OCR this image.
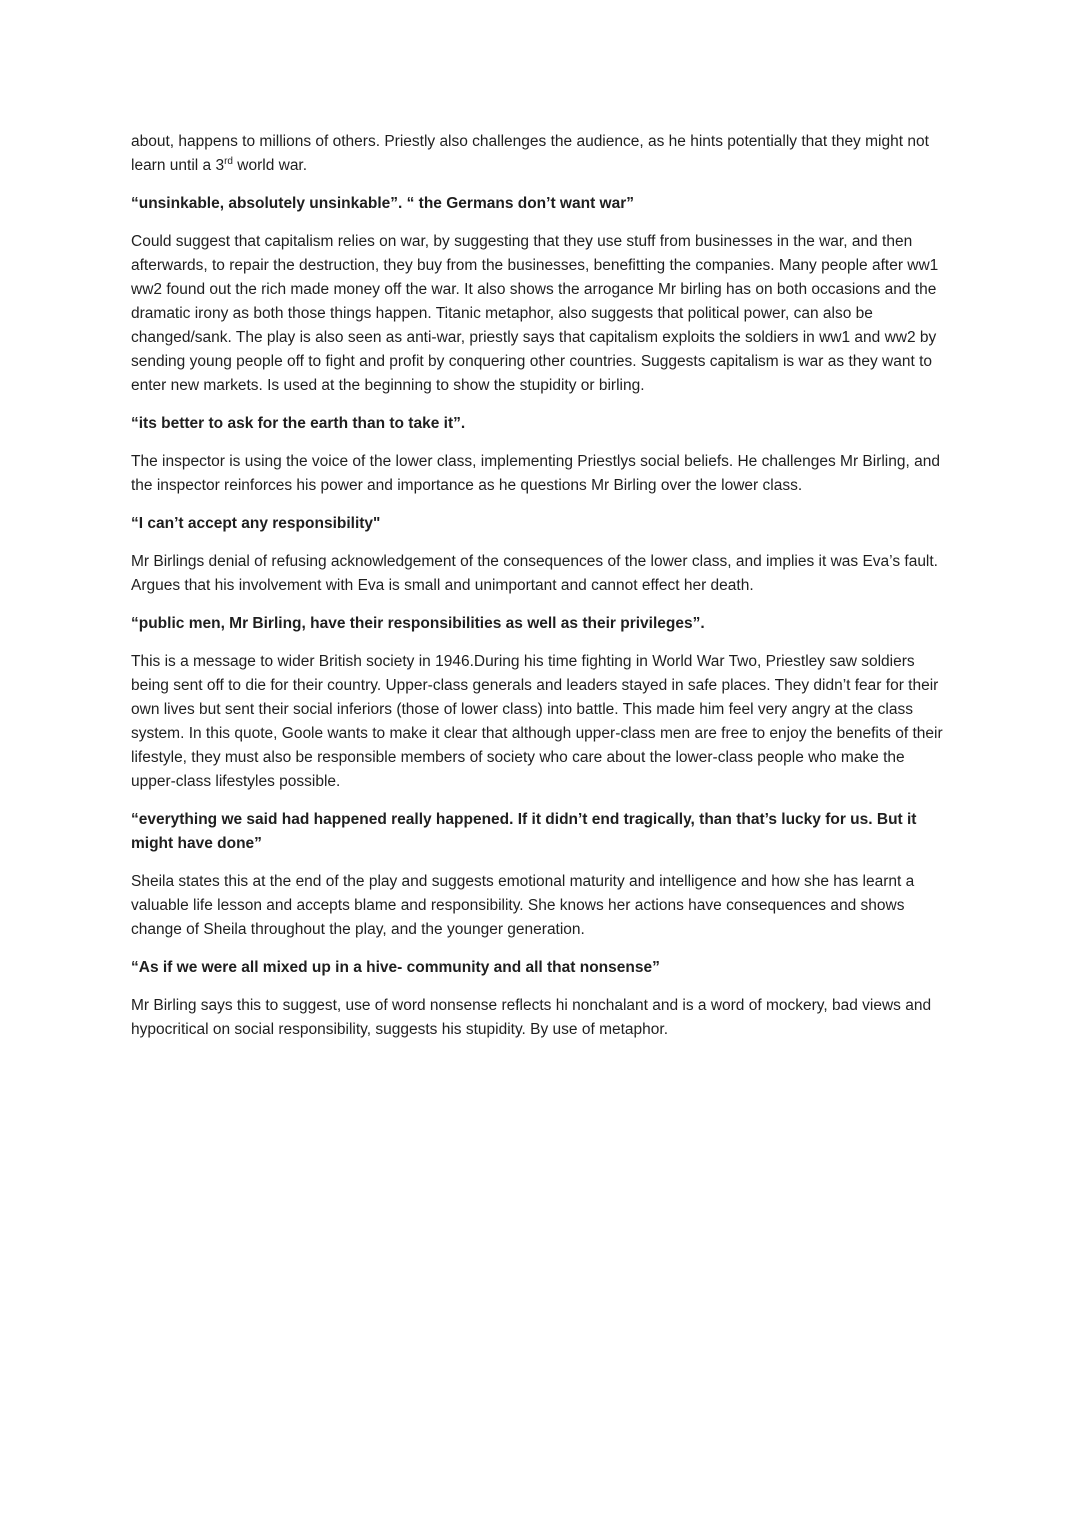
about, happens to millions of others. Priestly also challenges the audience, as he hints potentially that they might not learn until a 3rd world war.

“unsinkable, absolutely unsinkable”. “ the Germans don’t want war”

Could suggest that capitalism relies on war, by suggesting that they use stuff from businesses in the war, and then afterwards, to repair the destruction, they buy from the businesses, benefitting the companies. Many people after ww1 ww2 found out the rich made money off the war. It also shows the arrogance Mr birling has on both occasions and the dramatic irony as both those things happen. Titanic metaphor, also suggests that political power, can also be changed/sank. The play is also seen as anti-war, priestly says that capitalism exploits the soldiers in ww1 and ww2 by sending young people off to fight and profit by conquering other countries. Suggests capitalism is war as they want to enter new markets. Is used at the beginning to show the stupidity or birling.

“its better to ask for the earth than to take it”.

The inspector is using the voice of the lower class, implementing Priestlys social beliefs. He challenges Mr Birling, and the inspector reinforces his power and importance as he questions Mr Birling over the lower class.

“I can’t accept any responsibility"

Mr Birlings denial of refusing acknowledgement of the consequences of the lower class, and implies it was Eva’s fault. Argues that his involvement with Eva is small and unimportant and cannot effect her death.

“public men, Mr Birling, have their responsibilities as well as their privileges”.

This is a message to wider British society in 1946.During his time fighting in World War Two, Priestley saw soldiers being sent off to die for their country. Upper-class generals and leaders stayed in safe places. They didn’t fear for their own lives but sent their social inferiors (those of lower class) into battle. This made him feel very angry at the class system. In this quote, Goole wants to make it clear that although upper-class men are free to enjoy the benefits of their lifestyle, they must also be responsible members of society who care about the lower-class people who make the upper-class lifestyles possible.

“everything we said had happened really happened. If it didn’t end tragically, than that’s lucky for us. But it might have done”

Sheila states this at the end of the play and suggests emotional maturity and intelligence and how she has learnt a valuable life lesson and accepts blame and responsibility. She knows her actions have consequences and shows change of Sheila throughout the play, and the younger generation.

“As if we were all mixed up in a hive- community and all that nonsense”

Mr Birling says this to suggest, use of word nonsense reflects hi nonchalant and is a word of mockery, bad views and hypocritical on social responsibility, suggests his stupidity. By use of metaphor.
